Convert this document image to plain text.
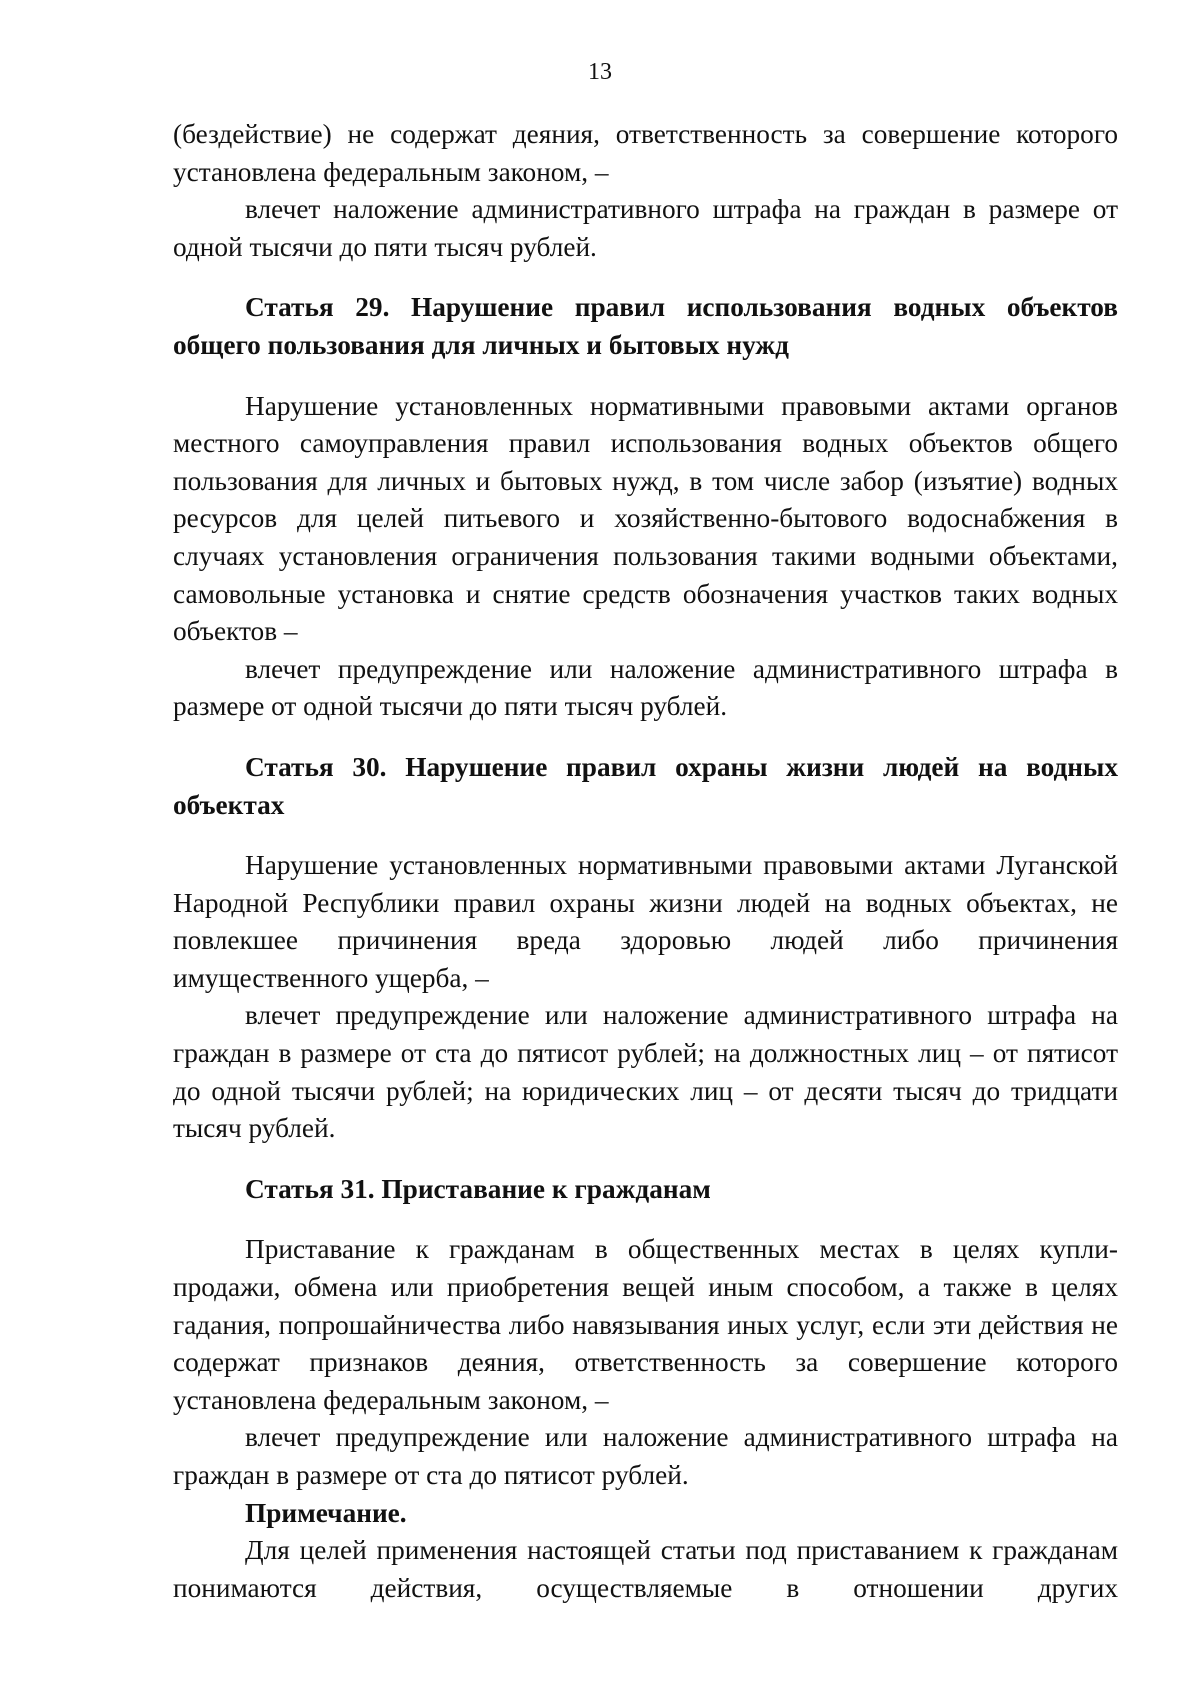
13

(бездействие) не содержат деяния, ответственность за совершение которого установлена федеральным законом, –

влечет наложение административного штрафа на граждан в размере от одной тысячи до пяти тысяч рублей.

Статья 29. Нарушение правил использования водных объектов общего пользования для личных и бытовых нужд

Нарушение установленных нормативными правовыми актами органов местного самоуправления правил использования водных объектов общего пользования для личных и бытовых нужд, в том числе забор (изъятие) водных ресурсов для целей питьевого и хозяйственно-бытового водоснабжения в случаях установления ограничения пользования такими водными объектами, самовольные установка и снятие средств обозначения участков таких водных объектов –

влечет предупреждение или наложение административного штрафа в размере от одной тысячи до пяти тысяч рублей.

Статья 30. Нарушение правил охраны жизни людей на водных объектах

Нарушение установленных нормативными правовыми актами Луганской Народной Республики правил охраны жизни людей на водных объектах, не повлекшее причинения вреда здоровью людей либо причинения имущественного ущерба, –

влечет предупреждение или наложение административного штрафа на граждан в размере от ста до пятисот рублей; на должностных лиц – от пятисот до одной тысячи рублей; на юридических лиц – от десяти тысяч до тридцати тысяч рублей.

Статья 31. Приставание к гражданам

Приставание к гражданам в общественных местах в целях купли-продажи, обмена или приобретения вещей иным способом, а также в целях гадания, попрошайничества либо навязывания иных услуг, если эти действия не содержат признаков деяния, ответственность за совершение которого установлена федеральным законом, –

влечет предупреждение или наложение административного штрафа на граждан в размере от ста до пятисот рублей.

Примечание.

Для целей применения настоящей статьи под приставанием к гражданам понимаются действия, осуществляемые в отношении других
